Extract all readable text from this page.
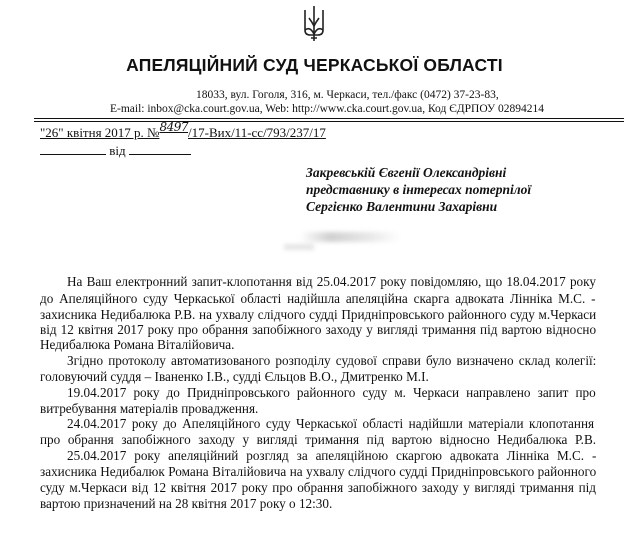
АПЕЛЯЦІЙНИЙ СУД ЧЕРКАСЬКОЇ ОБЛАСТІ
18033, вул. Гоголя, 316, м. Черкаси, тел./факс (0472) 37-23-83,
E-mail: inbox@cka.court.gov.ua, Web: http://www.cka.court.gov.ua, Код ЄДРПОУ 02894214
"26" квітня 2017 р. №8497/17-Вих/11-сс/793/237/17
від
Закревській Євгенії Олександрівні
представнику в інтересах потерпілої
Сергієнко Валентини Захарівни
На Ваш електронний запит-клопотання від 25.04.2017 року повідомляю, що 18.04.2017 року
до Апеляційного суду Черкаської області надійшла апеляційна скарга адвоката Лінніка М.С. -
захисника Недибалюка Р.В. на ухвалу слідчого судді Придніпровського районного суду м.Черкаси
від 12 квітня 2017 року про обрання запобіжного заходу у вигляді тримання під вартою відносно
Недибалюка Романа Віталійовича.
Згідно протоколу автоматизованого розподілу судової справи було визначено склад колегії:
головуючий суддя – Іваненко І.В., судді Єльцов В.О., Дмитренко М.І.
19.04.2017 року до Придніпровського районного суду м. Черкаси направлено запит про
витребування матеріалів провадження.
24.04.2017 року до Апеляційного суду Черкаської області надійшли матеріали клопотання
про обрання запобіжного заходу у вигляді тримання під вартою відносно Недибалюка Р.В.
25.04.2017 року апеляційний розгляд за апеляційною скаргою адвоката Лінніка М.С. -
захисника Недибалюк Романа Віталійовича на ухвалу слідчого судді Придніпровського районного
суду м.Черкаси від 12 квітня 2017 року про обрання запобіжного заходу у вигляді тримання під
вартою призначений на 28 квітня 2017 року о 12:30.
